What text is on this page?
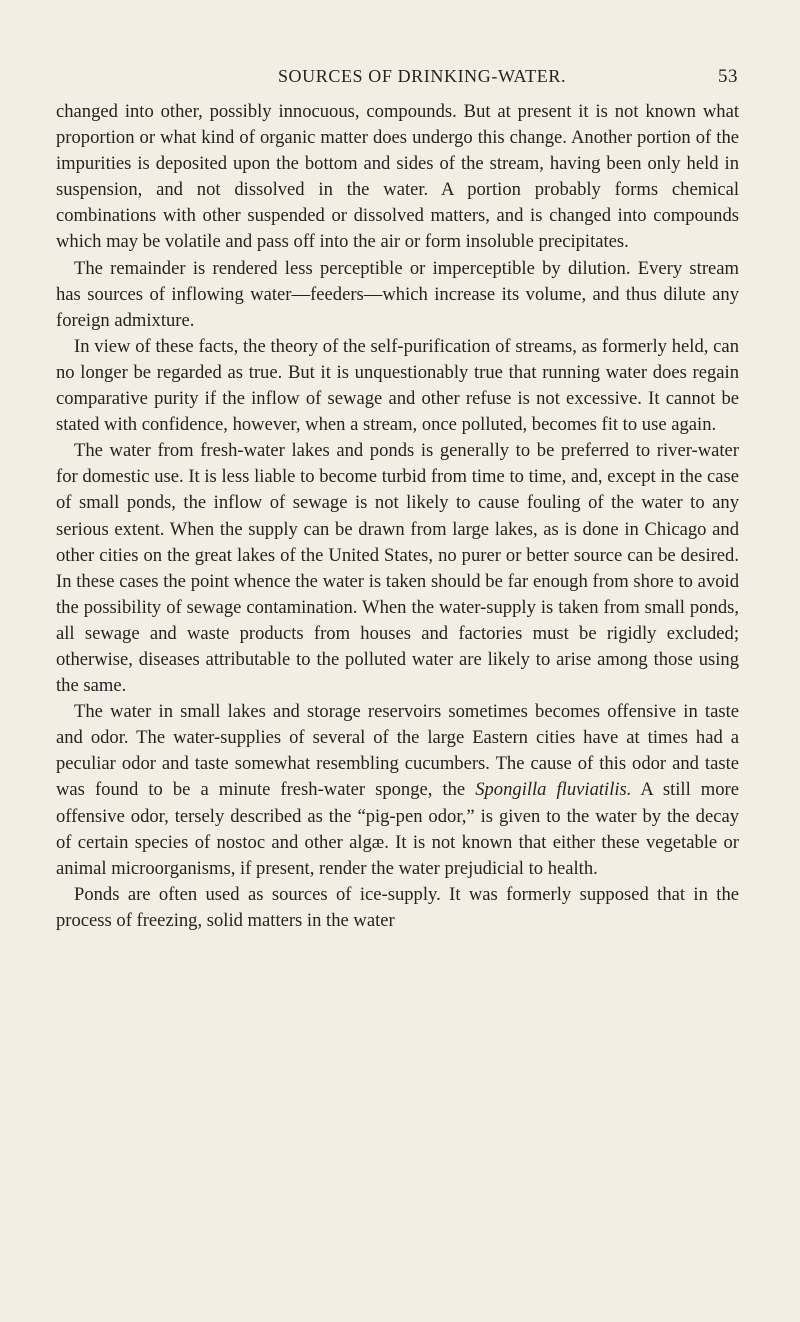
SOURCES OF DRINKING-WATER.	53

changed into other, possibly innocuous, compounds. But at present it is not known what proportion or what kind of organic matter does undergo this change. Another portion of the impurities is deposited upon the bottom and sides of the stream, having been only held in suspension, and not dissolved in the water. A portion probably forms chemical combinations with other suspended or dissolved matters, and is changed into compounds which may be volatile and pass off into the air or form insoluble precipitates.

The remainder is rendered less perceptible or imperceptible by dilution. Every stream has sources of inflowing water—feeders—which increase its volume, and thus dilute any foreign admixture.

In view of these facts, the theory of the self-purification of streams, as formerly held, can no longer be regarded as true. But it is unquestionably true that running water does regain comparative purity if the inflow of sewage and other refuse is not excessive. It cannot be stated with confidence, however, when a stream, once polluted, becomes fit to use again.

The water from fresh-water lakes and ponds is generally to be preferred to river-water for domestic use. It is less liable to become turbid from time to time, and, except in the case of small ponds, the inflow of sewage is not likely to cause fouling of the water to any serious extent. When the supply can be drawn from large lakes, as is done in Chicago and other cities on the great lakes of the United States, no purer or better source can be desired. In these cases the point whence the water is taken should be far enough from shore to avoid the possibility of sewage contamination. When the water-supply is taken from small ponds, all sewage and waste products from houses and factories must be rigidly excluded; otherwise, diseases attributable to the polluted water are likely to arise among those using the same.

The water in small lakes and storage reservoirs sometimes becomes offensive in taste and odor. The water-supplies of several of the large Eastern cities have at times had a peculiar odor and taste somewhat resembling cucumbers. The cause of this odor and taste was found to be a minute fresh-water sponge, the Spongilla fluviatilis. A still more offensive odor, tersely described as the “pig-pen odor,” is given to the water by the decay of certain species of nostoc and other algæ. It is not known that either these vegetable or animal microorganisms, if present, render the water prejudicial to health.

Ponds are often used as sources of ice-supply. It was formerly supposed that in the process of freezing, solid matters in the water
